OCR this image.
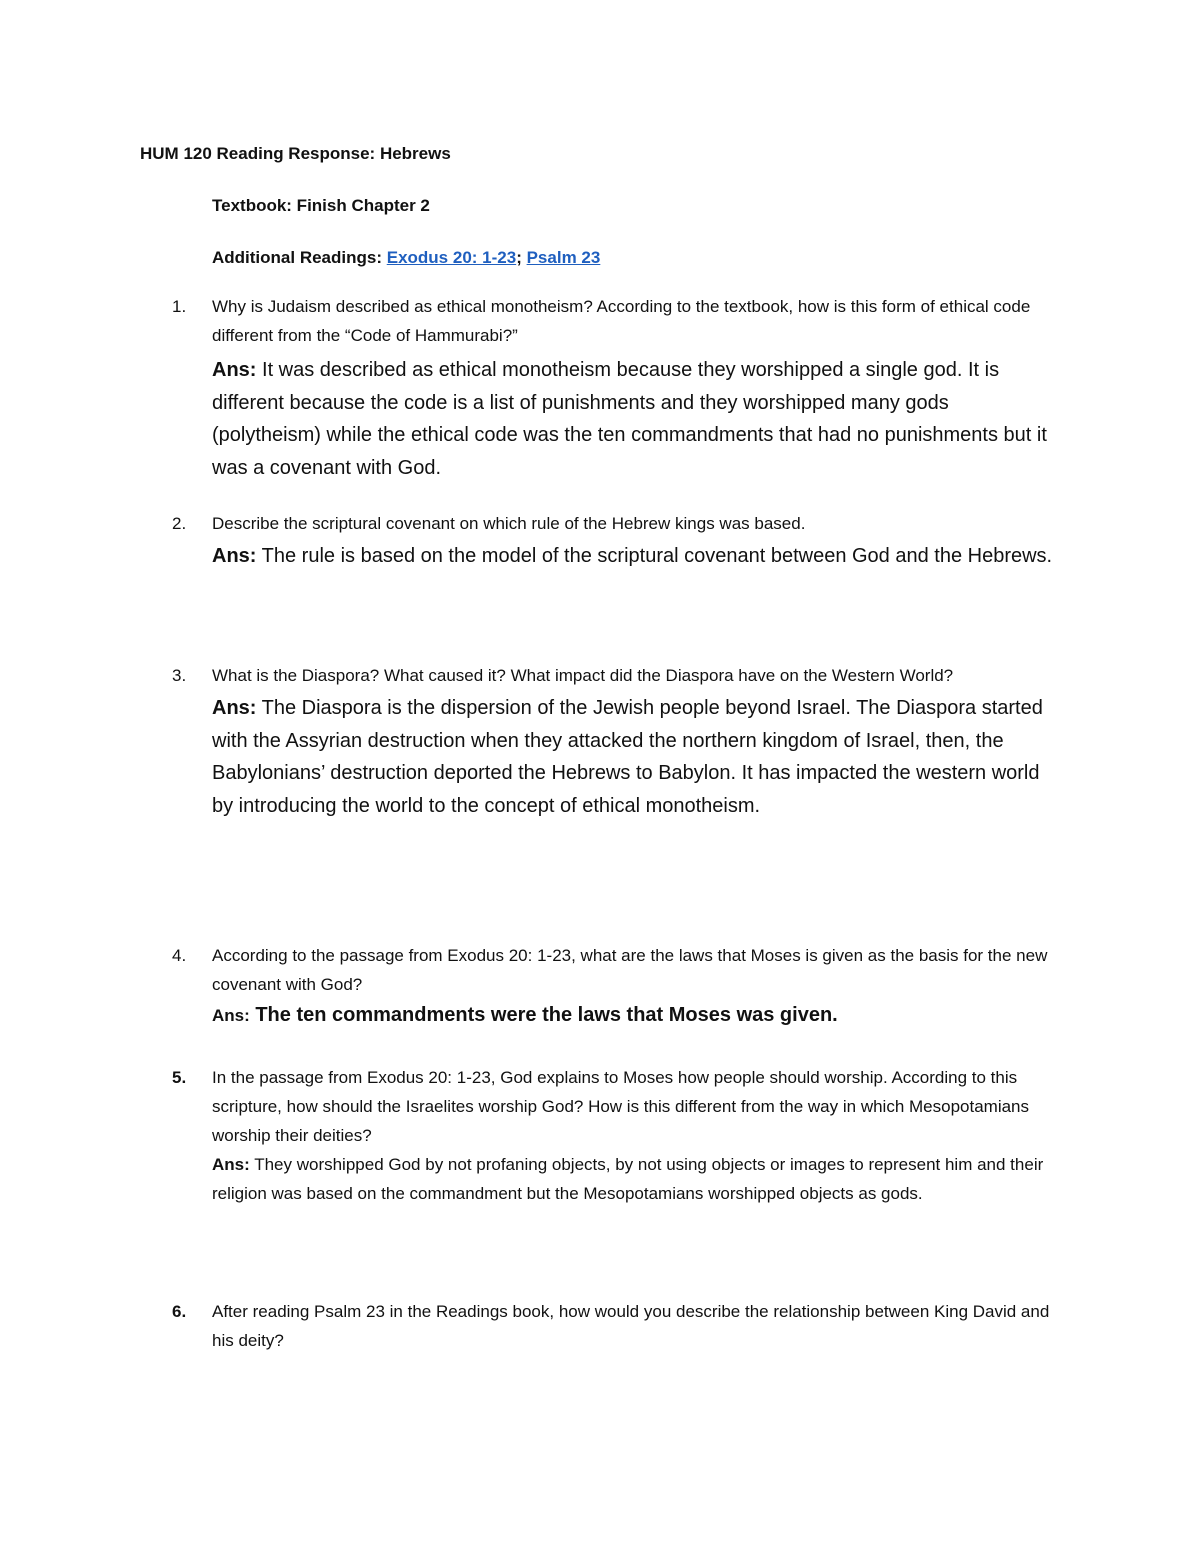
HUM 120 Reading Response: Hebrews
Textbook: Finish Chapter 2
Additional Readings: Exodus 20: 1-23; Psalm 23
1. Why is Judaism described as ethical monotheism? According to the textbook, how is this form of ethical code different from the “Code of Hammurabi?”

Ans: It was described as ethical monotheism because they worshipped a single god. It is different because the code is a list of punishments and they worshipped many gods (polytheism) while the ethical code was the ten commandments that had no punishments but it was a covenant with God.

2. Describe the scriptural covenant on which rule of the Hebrew kings was based.

Ans: The rule is based on the model of the scriptural covenant between God and the Hebrews.

3. What is the Diaspora? What caused it? What impact did the Diaspora have on the Western World?

Ans: The Diaspora is the dispersion of the Jewish people beyond Israel. The Diaspora started with the Assyrian destruction when they attacked the northern kingdom of Israel, then, the Babylonians’ destruction deported the Hebrews to Babylon. It has impacted the western world by introducing the world to the concept of ethical monotheism.

4. According to the passage from Exodus 20: 1-23, what are the laws that Moses is given as the basis for the new covenant with God?

Ans: The ten commandments were the laws that Moses was given.

5. In the passage from Exodus 20: 1-23, God explains to Moses how people should worship. According to this scripture, how should the Israelites worship God? How is this different from the way in which Mesopotamians worship their deities?

Ans: They worshipped God by not profaning objects, by not using objects or images to represent him and their religion was based on the commandment but the Mesopotamians worshipped objects as gods.

6. After reading Psalm 23 in the Readings book, how would you describe the relationship between King David and his deity?
